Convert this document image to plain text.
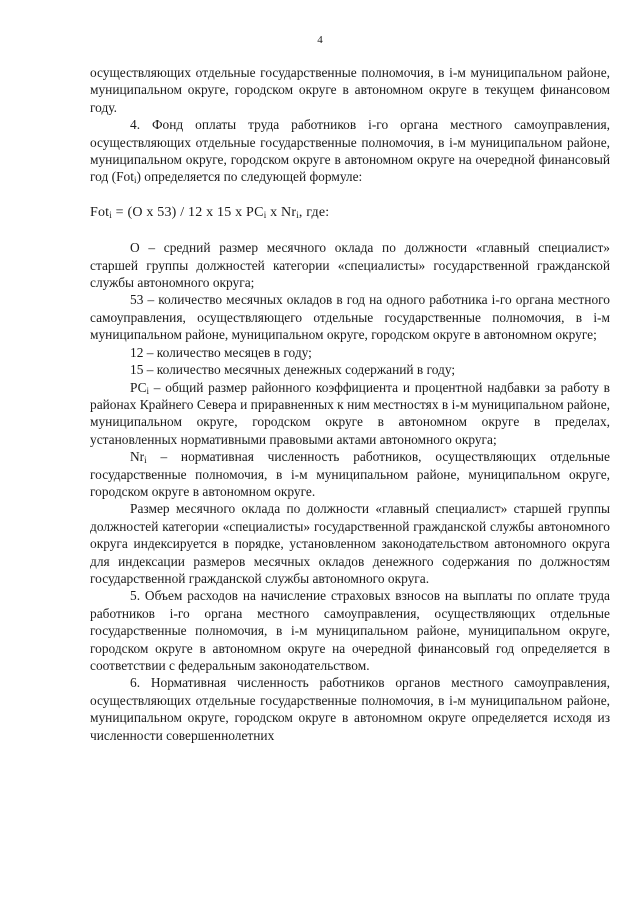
4

осуществляющих отдельные государственные полномочия, в i-м муниципальном районе, муниципальном округе, городском округе в автономном округе в текущем финансовом году.

4. Фонд оплаты труда работников i-го органа местного самоуправления, осуществляющих отдельные государственные полномочия, в i-м муниципальном районе, муниципальном округе, городском округе в автономном округе на очередной финансовый год (Fot$_i$) определяется по следующей формуле:

Fot$_i$ = (О х 53) / 12 х 15 х $РС_i$ х $Nr_i$, где:

О – средний размер месячного оклада по должности «главный специалист» старшей группы должностей категории «специалисты» государственной гражданской службы автономного округа;

53 – количество месячных окладов в год на одного работника i-го органа местного самоуправления, осуществляющего отдельные государственные полномочия, в i-м муниципальном районе, муниципальном округе, городском округе в автономном округе;

12 – количество месяцев в году;

15 – количество месячных денежных содержаний в году;

$РС_i$ – общий размер районного коэффициента и процентной надбавки за работу в районах Крайнего Севера и приравненных к ним местностях в i-м муниципальном районе, муниципальном округе, городском округе в автономном округе в пределах, установленных нормативными правовыми актами автономного округа;

$Nr_i$ – нормативная численность работников, осуществляющих отдельные государственные полномочия, в i-м муниципальном районе, муниципальном округе, городском округе в автономном округе.

Размер месячного оклада по должности «главный специалист» старшей группы должностей категории «специалисты» государственной гражданской службы автономного округа индексируется в порядке, установленном законодательством автономного округа для индексации размеров месячных окладов денежного содержания по должностям государственной гражданской службы автономного округа.

5. Объем расходов на начисление страховых взносов на выплаты по оплате труда работников i-го органа местного самоуправления, осуществляющих отдельные государственные полномочия, в i-м муниципальном районе, муниципальном округе, городском округе в автономном округе на очередной финансовый год определяется в соответствии с федеральным законодательством.

6. Нормативная численность работников органов местного самоуправления, осуществляющих отдельные государственные полномочия, в i-м муниципальном районе, муниципальном округе, городском округе в автономном округе определяется исходя из численности совершеннолетних
